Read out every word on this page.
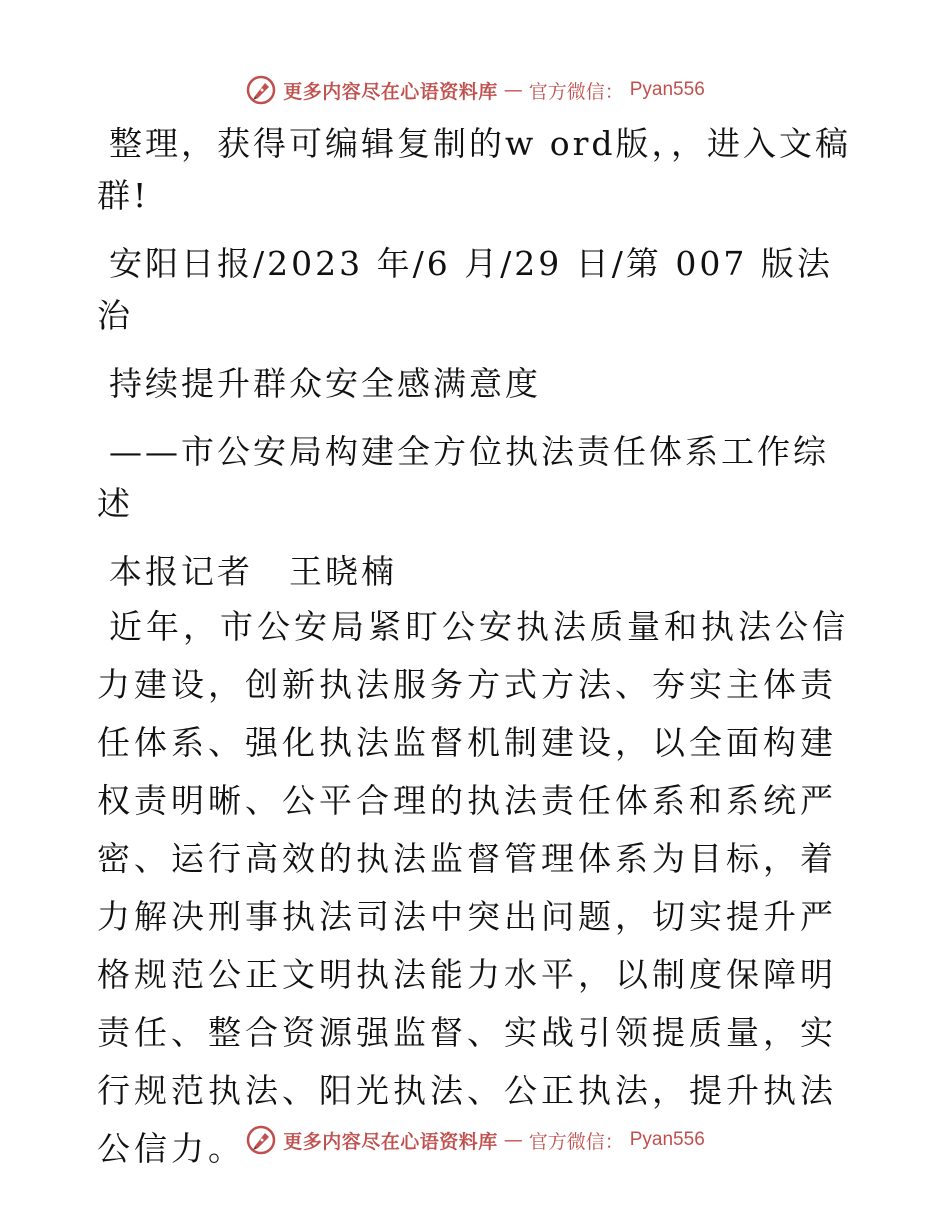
更多内容尽在心语资料库 — 官方微信： Pyan556

整理，获得可编辑复制的w ord版，，进入文稿群!

安阳日报/2023 年/6 月/29 日/第 007 版法治

持续提升群众安全感满意度

——市公安局构建全方位执法责任体系工作综述

本报记者　王晓楠

近年，市公安局紧盯公安执法质量和执法公信力建设，创新执法服务方式方法、夯实主体责任体系、强化执法监督机制建设，以全面构建权责明晰、公平合理的执法责任体系和系统严密、运行高效的执法监督管理体系为目标，着力解决刑事执法司法中突出问题，切实提升严格规范公正文明执法能力水平，以制度保障明责任、整合资源强监督、实战引领提质量，实行规范执法、阳光执法、公正执法，提升执法公信力。	更多内容尽在心语资料库 — 官方微信： Pyan556
